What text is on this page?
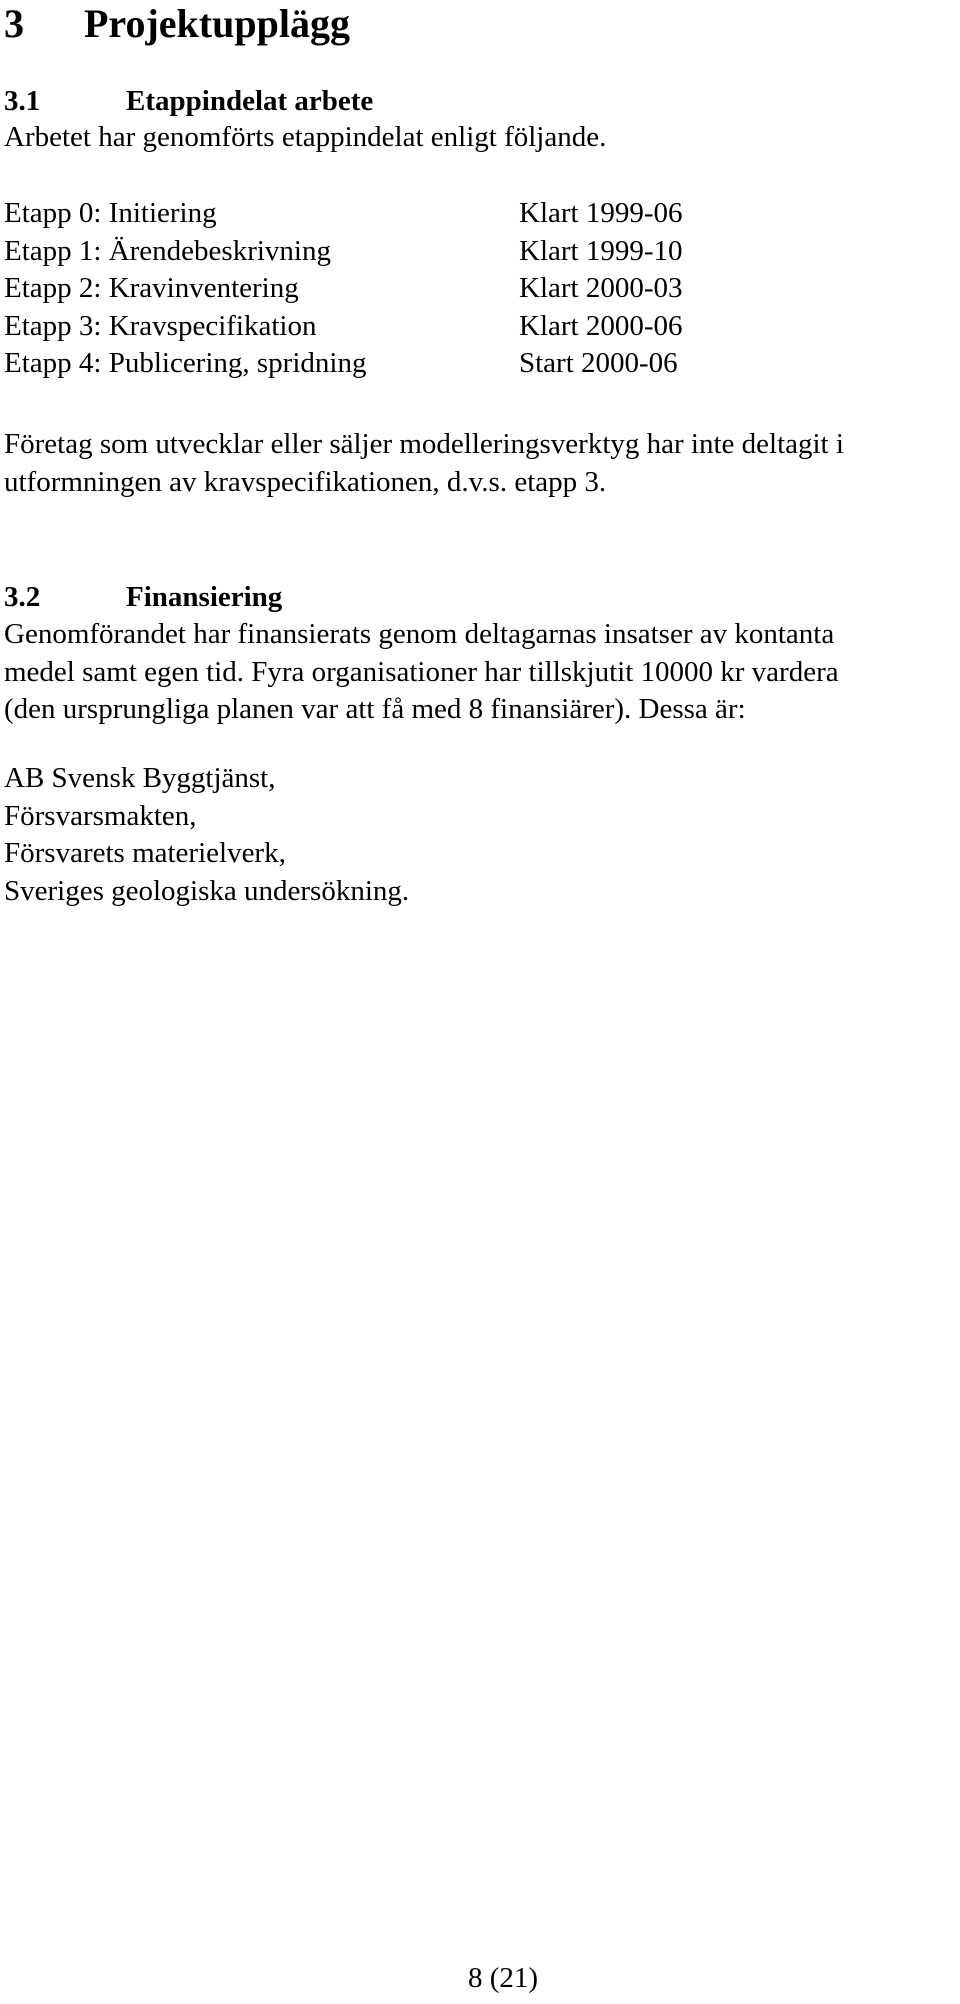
3 Projektupplägg
3.1	Etappindelat arbete
Arbetet har genomförts etappindelat enligt följande.
Etapp 0: Initiering	Klart 1999-06
Etapp 1: Ärendebeskrivning	Klart 1999-10
Etapp 2: Kravinventering	Klart 2000-03
Etapp 3: Kravspecifikation	Klart 2000-06
Etapp 4: Publicering, spridning	Start 2000-06
Företag som utvecklar eller säljer modelleringsverktyg har inte deltagit i
utformningen av kravspecifikationen, d.v.s. etapp 3.
3.2	Finansiering
Genomförandet har finansierats genom deltagarnas insatser av kontanta
medel samt egen tid. Fyra organisationer har tillskjutit 10000 kr vardera
(den ursprungliga planen var att få med 8 finansiärer). Dessa är:
AB Svensk Byggtjänst,
Försvarsmakten,
Försvarets materielverk,
Sveriges geologiska undersökning.
8 (21)
